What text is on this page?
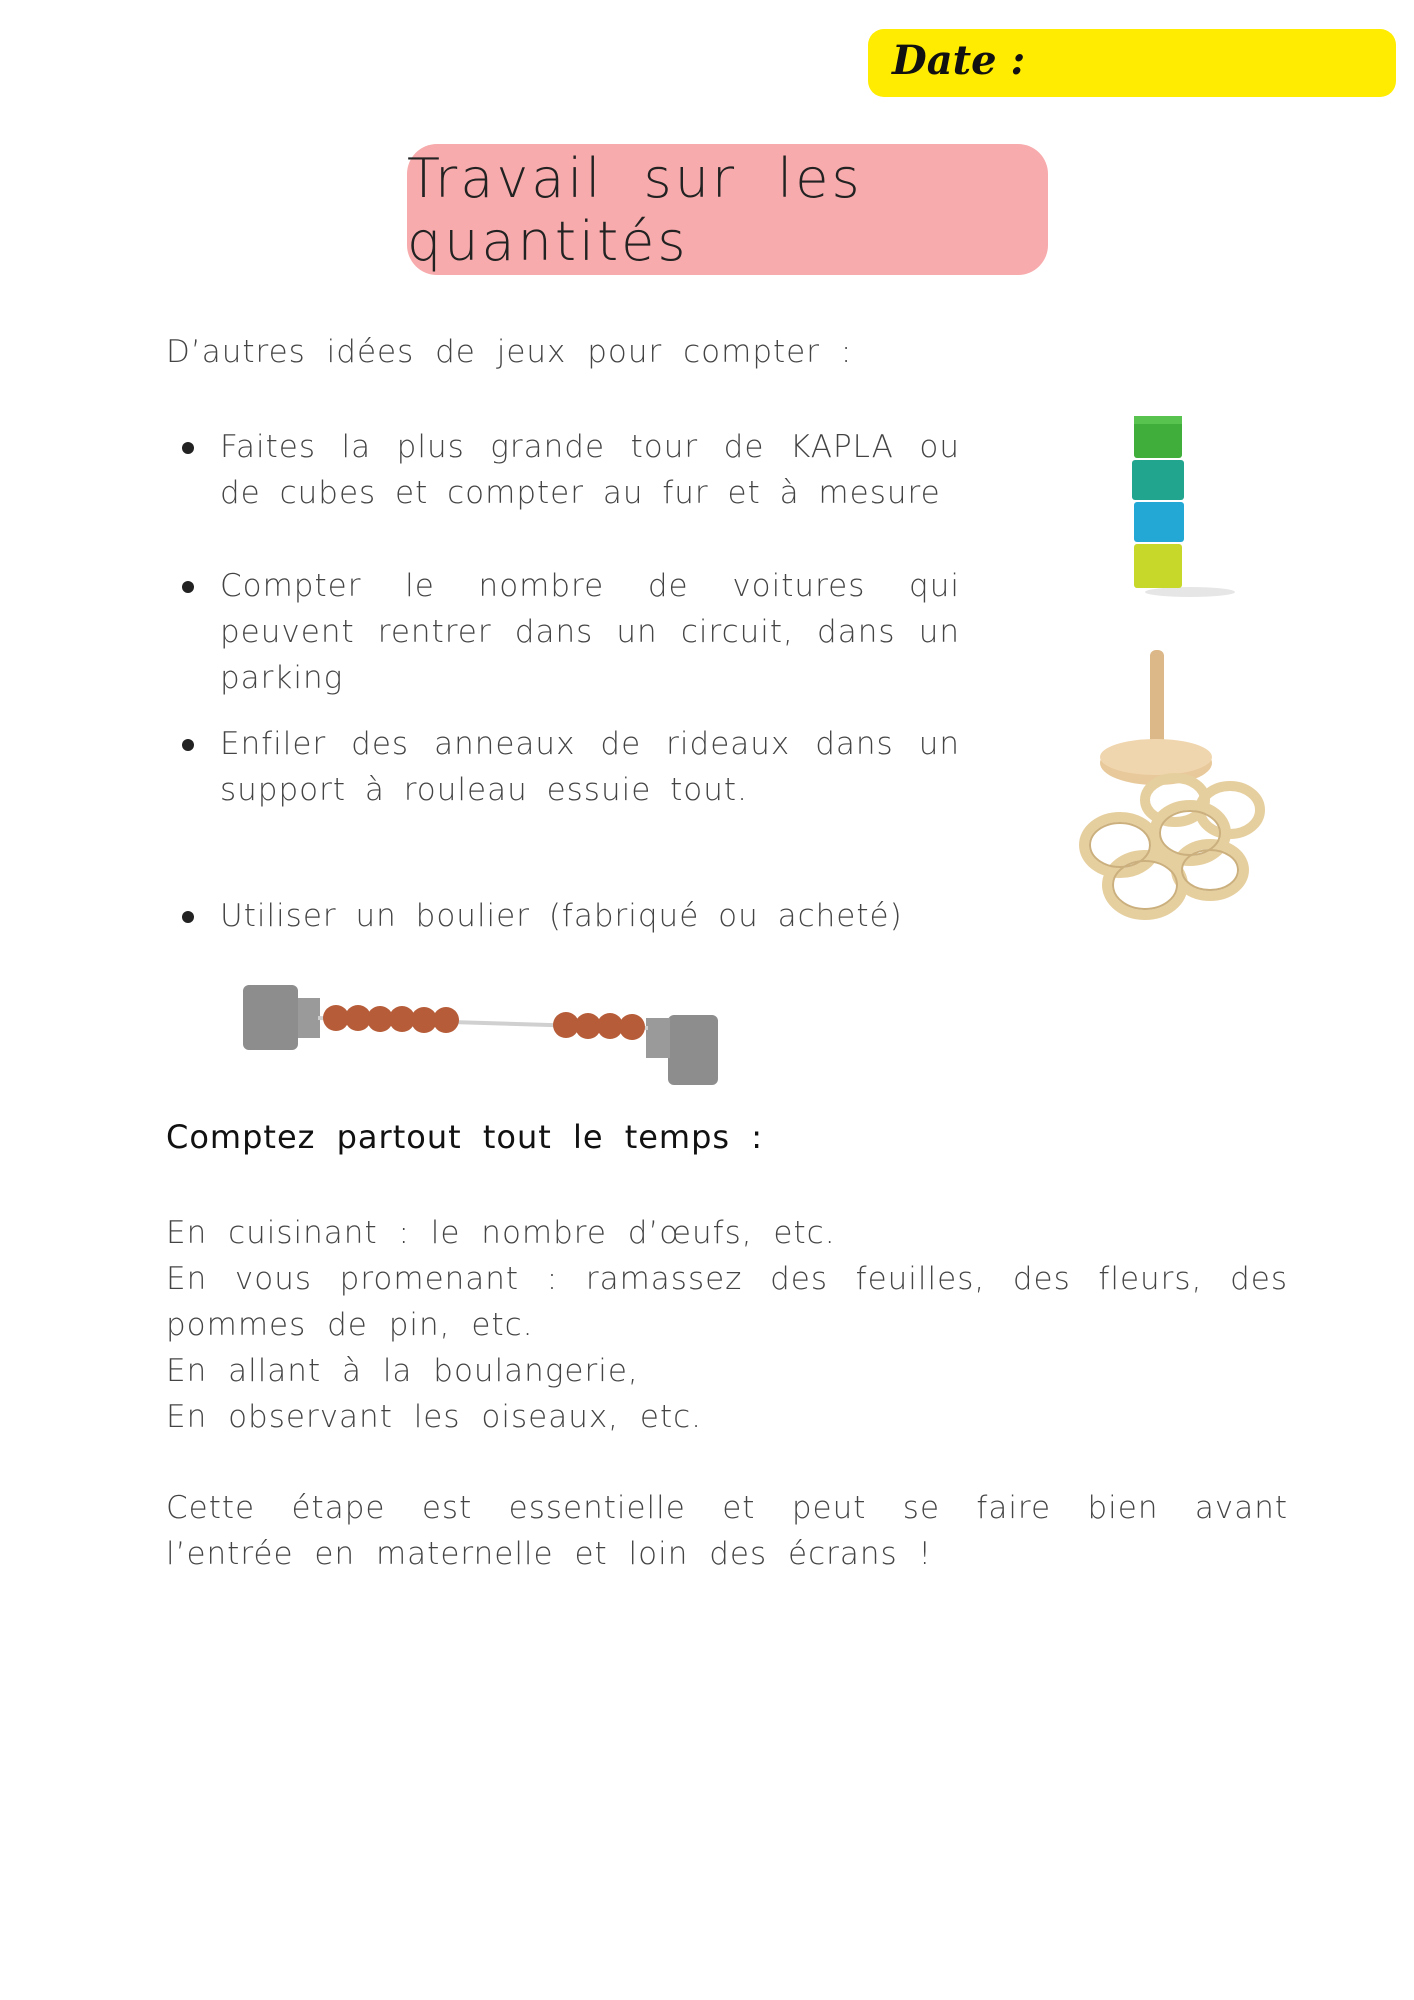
Date :
Travail sur les quantités
D’autres idées de jeux pour compter :
Faites la plus grande tour de KAPLA ou de cubes et compter au fur et à mesure
Compter le nombre de voitures qui peuvent rentrer dans un circuit, dans un parking
Enfiler des anneaux de rideaux dans un support à rouleau essuie tout.
Utiliser un boulier (fabriqué ou acheté)
Comptez partout tout le temps :
En cuisinant : le nombre d’œufs, etc.
En vous promenant : ramassez des feuilles, des fleurs, des pommes de pin, etc.
En allant à la boulangerie,
En observant les oiseaux, etc.
Cette étape est essentielle et peut se faire bien avant l’entrée en maternelle et loin des écrans !
